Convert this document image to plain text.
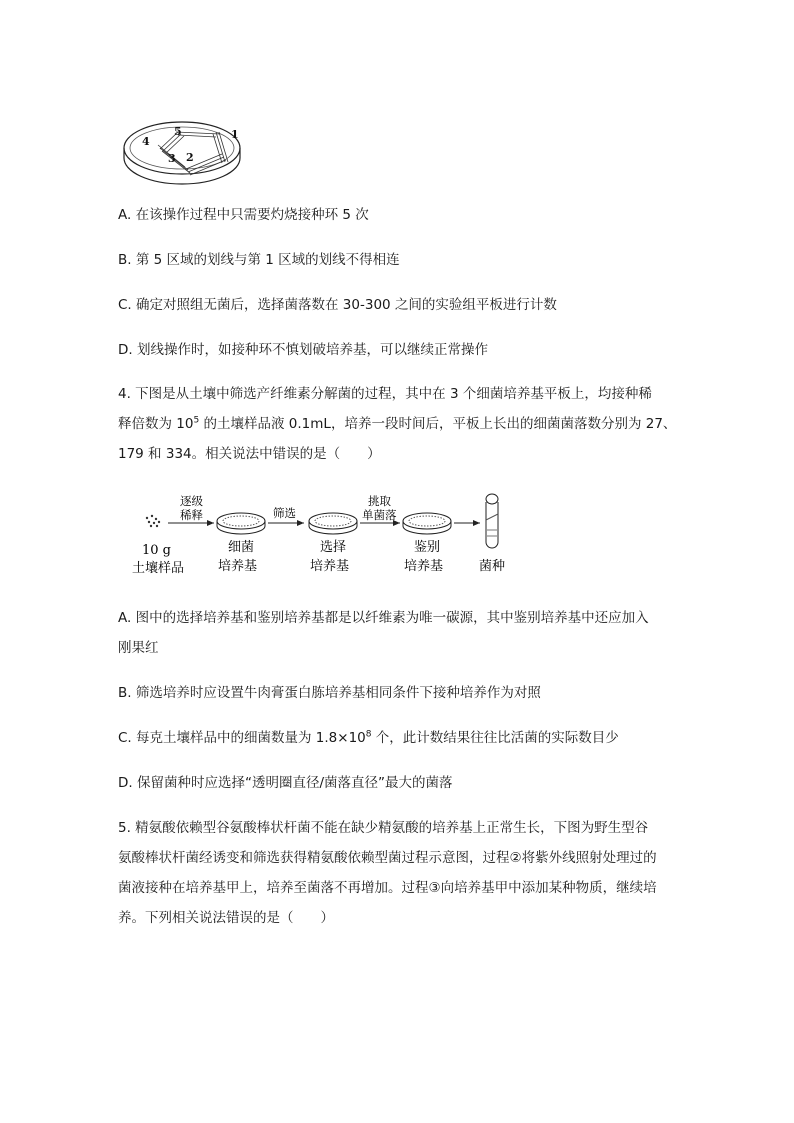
1
2
3
4
5
A. 在该操作过程中只需要灼烧接种环 5 次
B. 第 5 区域的划线与第 1 区域的划线不得相连
C. 确定对照组无菌后，选择菌落数在 30-300 之间的实验组平板进行计数
D. 划线操作时，如接种环不慎划破培养基，可以继续正常操作
4. 下图是从土壤中筛选产纤维素分解菌的过程，其中在 3 个细菌培养基平板上，均接种稀
释倍数为 $10^5$ 的土壤样品液 0.1mL，培养一段时间后，平板上长出的细菌菌落数分别为 27、
179 和 334。相关说法中错误的是（　　）
10 g
土壤样品
逐级
稀释
细菌
培养基
筛选
选择
培养基
挑取
单菌落
鉴别
培养基	菌种
A. 图中的选择培养基和鉴别培养基都是以纤维素为唯一碳源，其中鉴别培养基中还应加入
刚果红
B. 筛选培养时应设置牛肉膏蛋白胨培养基相同条件下接种培养作为对照
C. 每克土壤样品中的细菌数量为 $1.8\times 10^8$ 个，此计数结果往往比活菌的实际数目少
D. 保留菌种时应选择“透明圈直径/菌落直径”最大的菌落
5. 精氨酸依赖型谷氨酸棒状杆菌不能在缺少精氨酸的培养基上正常生长，下图为野生型谷
氨酸棒状杆菌经诱变和筛选获得精氨酸依赖型菌过程示意图，过程②将紫外线照射处理过的
菌液接种在培养基甲上，培养至菌落不再增加。过程③向培养基甲中添加某种物质，继续培
养。下列相关说法错误的是（　　）
